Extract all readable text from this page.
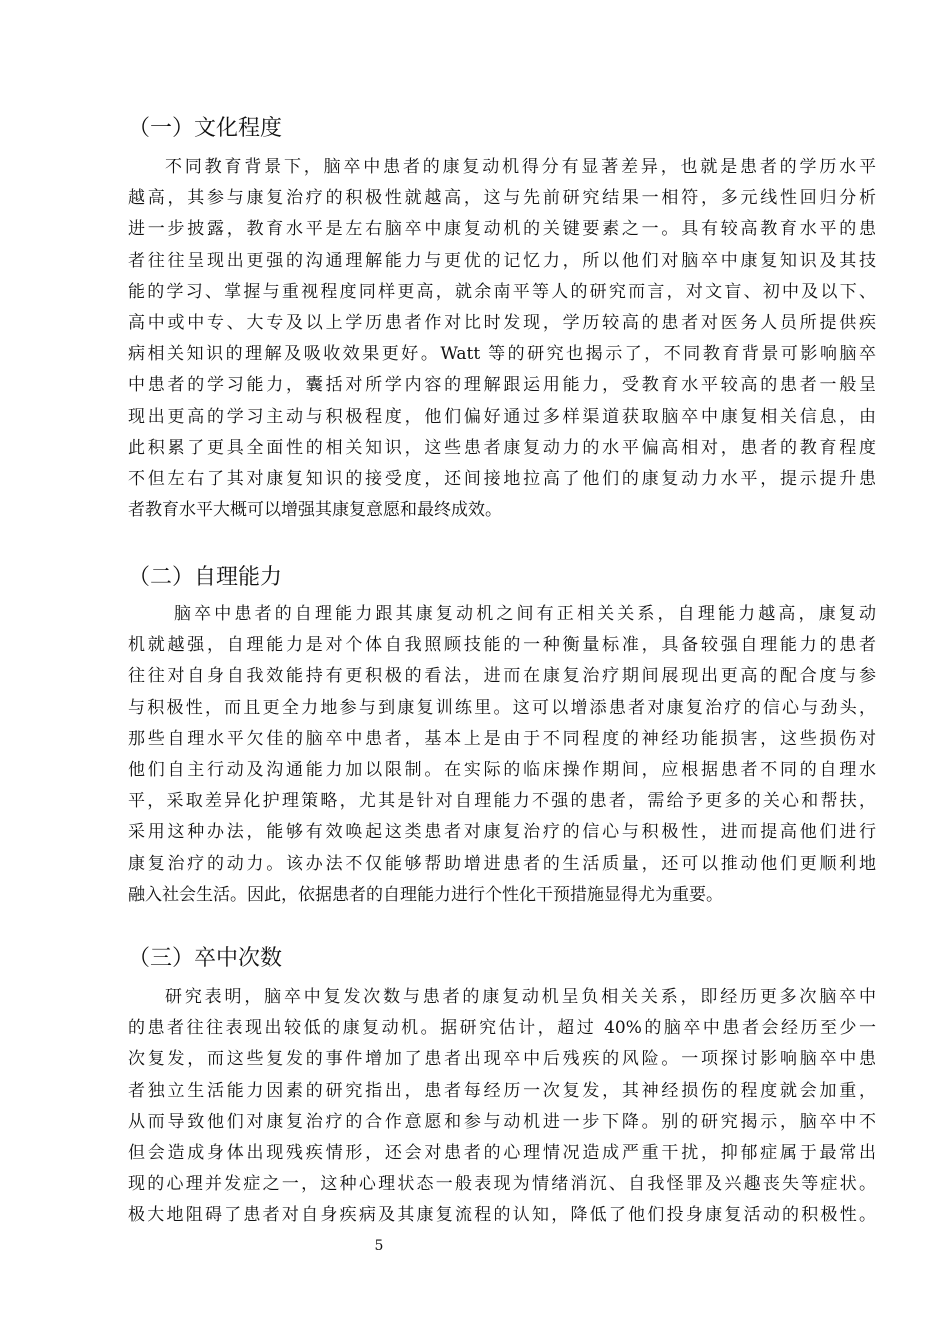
（一）文化程度
不同教育背景下，脑卒中患者的康复动机得分有显著差异，也就是患者的学历水平
越高，其参与康复治疗的积极性就越高，这与先前研究结果一相符，多元线性回归分析
进一步披露，教育水平是左右脑卒中康复动机的关键要素之一。具有较高教育水平的患
者往往呈现出更强的沟通理解能力与更优的记忆力，所以他们对脑卒中康复知识及其技
能的学习、掌握与重视程度同样更高，就余南平等人的研究而言，对文盲、初中及以下、
高中或中专、大专及以上学历患者作对比时发现，学历较高的患者对医务人员所提供疾
病相关知识的理解及吸收效果更好。Watt 等的研究也揭示了，不同教育背景可影响脑卒
中患者的学习能力，囊括对所学内容的理解跟运用能力，受教育水平较高的患者一般呈
现出更高的学习主动与积极程度，他们偏好通过多样渠道获取脑卒中康复相关信息，由
此积累了更具全面性的相关知识，这些患者康复动力的水平偏高相对，患者的教育程度
不但左右了其对康复知识的接受度，还间接地拉高了他们的康复动力水平，提示提升患
者教育水平大概可以增强其康复意愿和最终成效。
（二）自理能力
脑卒中患者的自理能力跟其康复动机之间有正相关关系，自理能力越高，康复动
机就越强，自理能力是对个体自我照顾技能的一种衡量标准，具备较强自理能力的患者
往往对自身自我效能持有更积极的看法，进而在康复治疗期间展现出更高的配合度与参
与积极性，而且更全力地参与到康复训练里。这可以增添患者对康复治疗的信心与劲头，
那些自理水平欠佳的脑卒中患者，基本上是由于不同程度的神经功能损害，这些损伤对
他们自主行动及沟通能力加以限制。在实际的临床操作期间，应根据患者不同的自理水
平，采取差异化护理策略，尤其是针对自理能力不强的患者，需给予更多的关心和帮扶，
采用这种办法，能够有效唤起这类患者对康复治疗的信心与积极性，进而提高他们进行
康复治疗的动力。该办法不仅能够帮助增进患者的生活质量，还可以推动他们更顺利地
融入社会生活。因此，依据患者的自理能力进行个性化干预措施显得尤为重要。
（三）卒中次数
研究表明，脑卒中复发次数与患者的康复动机呈负相关关系，即经历更多次脑卒中
的患者往往表现出较低的康复动机。据研究估计，超过 40%的脑卒中患者会经历至少一
次复发，而这些复发的事件增加了患者出现卒中后残疾的风险。一项探讨影响脑卒中患
者独立生活能力因素的研究指出，患者每经历一次复发，其神经损伤的程度就会加重，
从而导致他们对康复治疗的合作意愿和参与动机进一步下降。别的研究揭示，脑卒中不
但会造成身体出现残疾情形，还会对患者的心理情况造成严重干扰，抑郁症属于最常出
现的心理并发症之一，这种心理状态一般表现为情绪消沉、自我怪罪及兴趣丧失等症状。
极大地阻碍了患者对自身疾病及其康复流程的认知，降低了他们投身康复活动的积极性。
5
